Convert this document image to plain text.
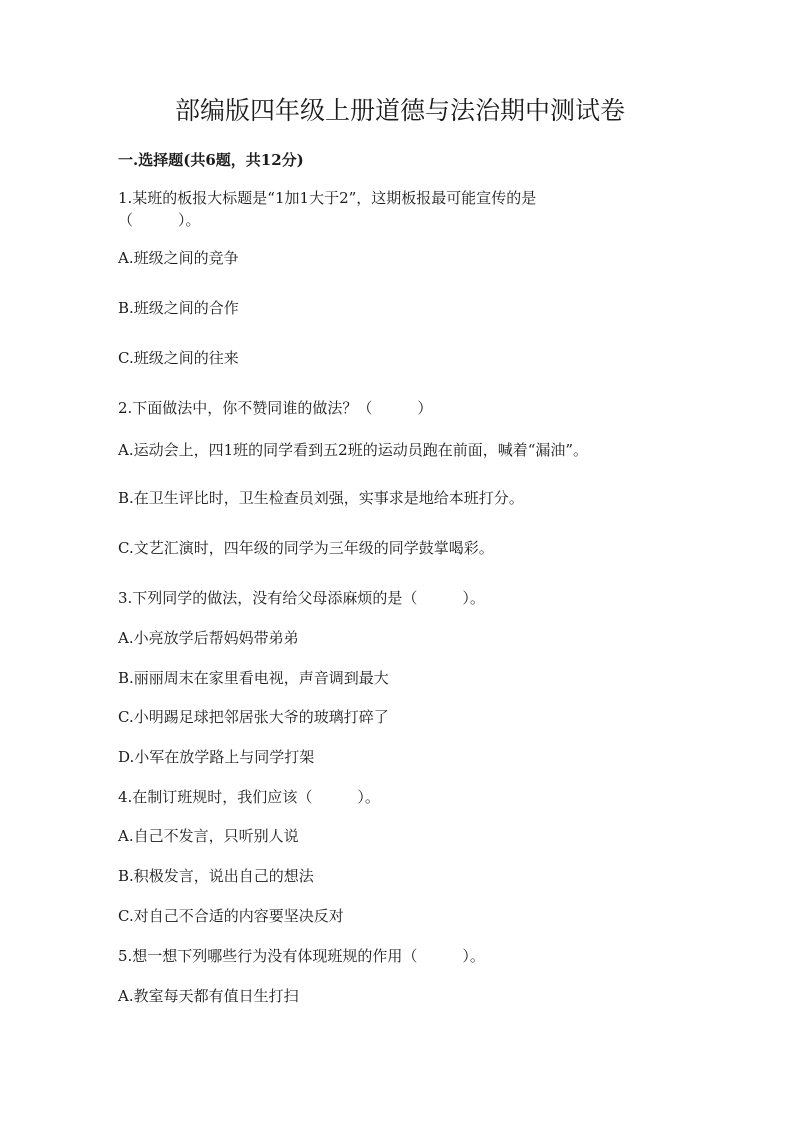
部编版四年级上册道德与法治期中测试卷
一.选择题(共6题，共12分)
1.某班的板报大标题是“1加1大于2”，这期板报最可能宣传的是
（　　　）。
A.班级之间的竞争
B.班级之间的合作
C.班级之间的往来
2.下面做法中，你不赞同谁的做法？（　　　）
A.运动会上，四1班的同学看到五2班的运动员跑在前面，喊着“漏油”。
B.在卫生评比时，卫生检查员刘强，实事求是地给本班打分。
C.文艺汇演时，四年级的同学为三年级的同学鼓掌喝彩。
3.下列同学的做法，没有给父母添麻烦的是（　　　）。
A.小亮放学后帮妈妈带弟弟
B.丽丽周末在家里看电视，声音调到最大
C.小明踢足球把邻居张大爷的玻璃打碎了
D.小军在放学路上与同学打架
4.在制订班规时，我们应该（　　　）。
A.自己不发言，只听别人说
B.积极发言，说出自己的想法
C.对自己不合适的内容要坚决反对
5.想一想下列哪些行为没有体现班规的作用（　　　）。
A.教室每天都有值日生打扫
